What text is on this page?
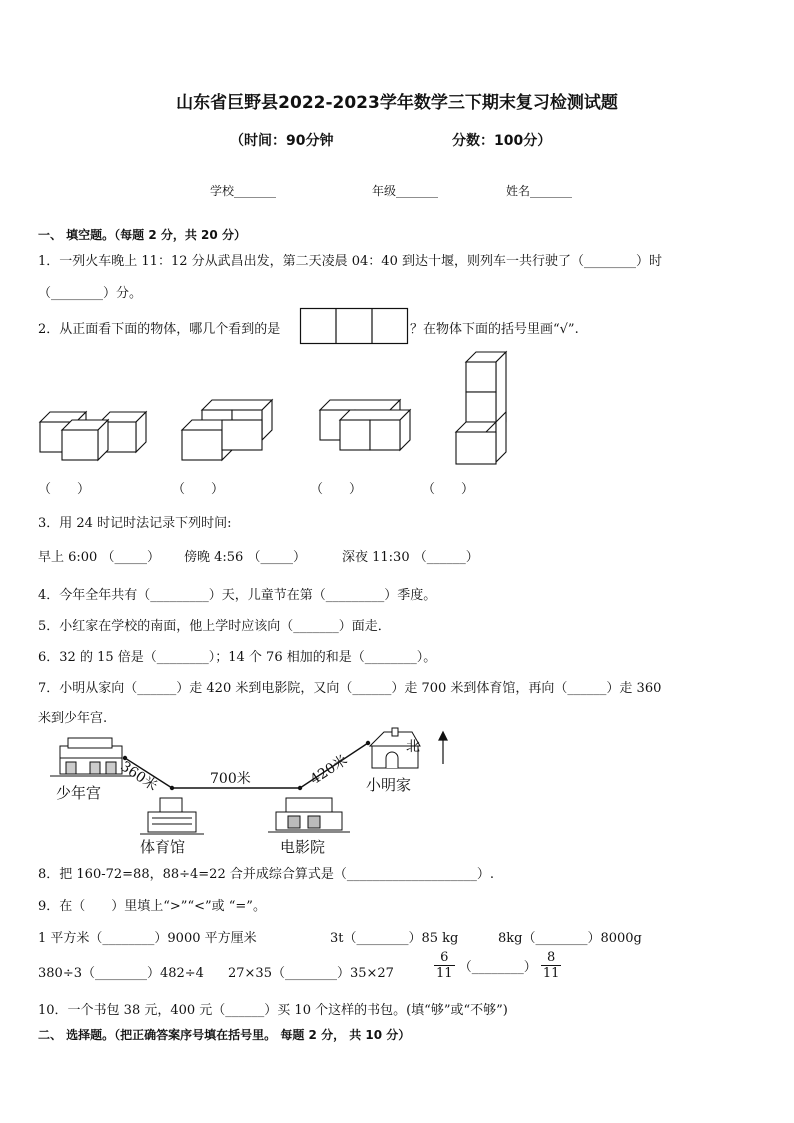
山东省巨野县2022-2023学年数学三下期末复习检测试题
（时间：90分钟	分数：100分）
学校_______	年级_______	姓名_______
一、 填空题。（每题 2 分，共 20 分）
1．一列火车晚上 11：12 分从武昌出发，第二天凌晨 04：40 到达十堰，则列车一共行驶了（________）时
（________）分。
2．从正面看下面的物体，哪几个看到的是	？在物体下面的括号里画“√”.
（　　）	（　　）	（　　）	（　　）
3．用 24 时记时法记录下列时间:
早上 6:00 （_____） 傍晚 4:56 （_____）	深夜 11:30 （______）
4．今年全年共有（_________）天，儿童节在第（_________）季度。
5．小红家在学校的南面，他上学时应该向（_______）面走．
6．32 的 15 倍是（________）；14 个 76 相加的和是（________）。
7．小明从家向（______）走 420 米到电影院，又向（______）走 700 米到体育馆，再向（______）走 360
米到少年宫.
北
360米	700米	420米
少年宫	小明家
体育馆	电影院
8．把 160-72=88，88÷4=22 合并成综合算式是（____________________）.
9．在（　　）里填上“>”“<”或 “=”。
1 平方米（________）9000 平方厘米	3t（________）85 kg	8kg（________）8000g
380÷3（________）482÷4 27×35（________）35×27	$\frac{6}{11}$ （________） $\frac{8}{11}$
10．一个书包 38 元，400 元（______）买 10 个这样的书包。(填“够”或“不够”)
二、 选择题。（把正确答案序号填在括号里。 每题 2 分， 共 10 分）
